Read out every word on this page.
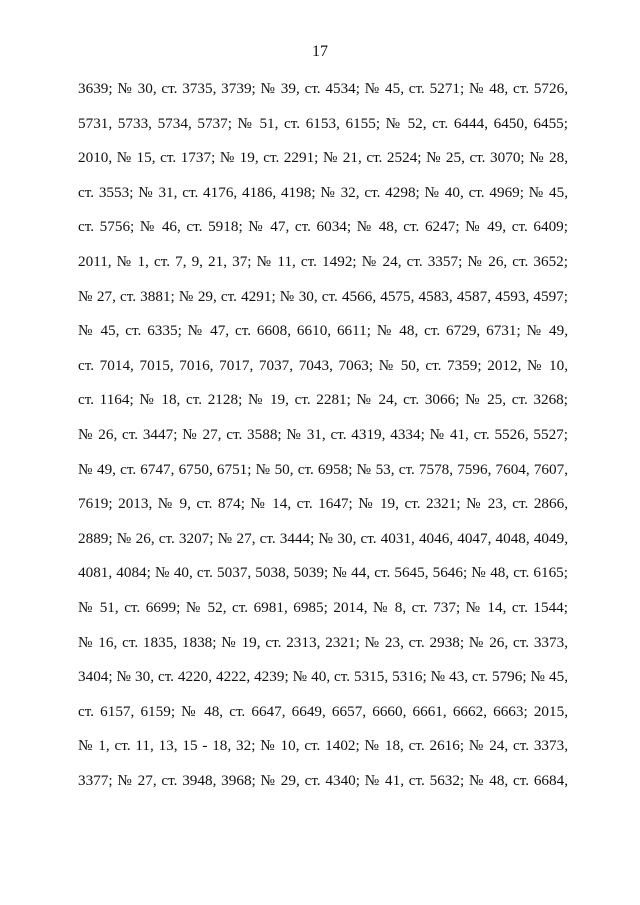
17
3639; № 30, ст. 3735, 3739; № 39, ст. 4534; № 45, ст. 5271; № 48, ст. 5726,
5731, 5733, 5734, 5737; № 51, ст. 6153, 6155; № 52, ст. 6444, 6450, 6455;
2010, № 15, ст. 1737; № 19, ст. 2291; № 21, ст. 2524; № 25, ст. 3070; № 28,
ст. 3553; № 31, ст. 4176, 4186, 4198; № 32, ст. 4298; № 40, ст. 4969; № 45,
ст. 5756; № 46, ст. 5918; № 47, ст. 6034; № 48, ст. 6247; № 49, ст. 6409;
2011, № 1, ст. 7, 9, 21, 37; № 11, ст. 1492; № 24, ст. 3357; № 26, ст. 3652;
№ 27, ст. 3881; № 29, ст. 4291; № 30, ст. 4566, 4575, 4583, 4587, 4593, 4597;
№ 45, ст. 6335; № 47, ст. 6608, 6610, 6611; № 48, ст. 6729, 6731; № 49,
ст. 7014, 7015, 7016, 7017, 7037, 7043, 7063; № 50, ст. 7359; 2012, № 10,
ст. 1164; № 18, ст. 2128; № 19, ст. 2281; № 24, ст. 3066; № 25, ст. 3268;
№ 26, ст. 3447; № 27, ст. 3588; № 31, ст. 4319, 4334; № 41, ст. 5526, 5527;
№ 49, ст. 6747, 6750, 6751; № 50, ст. 6958; № 53, ст. 7578, 7596, 7604, 7607,
7619; 2013, № 9, ст. 874; № 14, ст. 1647; № 19, ст. 2321; № 23, ст. 2866,
2889; № 26, ст. 3207; № 27, ст. 3444; № 30, ст. 4031, 4046, 4047, 4048, 4049,
4081, 4084; № 40, ст. 5037, 5038, 5039; № 44, ст. 5645, 5646; № 48, ст. 6165;
№ 51, ст. 6699; № 52, ст. 6981, 6985; 2014, № 8, ст. 737; № 14, ст. 1544;
№ 16, ст. 1835, 1838; № 19, ст. 2313, 2321; № 23, ст. 2938; № 26, ст. 3373,
3404; № 30, ст. 4220, 4222, 4239; № 40, ст. 5315, 5316; № 43, ст. 5796; № 45,
ст. 6157, 6159; № 48, ст. 6647, 6649, 6657, 6660, 6661, 6662, 6663; 2015,
№ 1, ст. 11, 13, 15 - 18, 32; № 10, ст. 1402; № 18, ст. 2616; № 24, ст. 3373,
3377; № 27, ст. 3948, 3968; № 29, ст. 4340; № 41, ст. 5632; № 48, ст. 6684,
